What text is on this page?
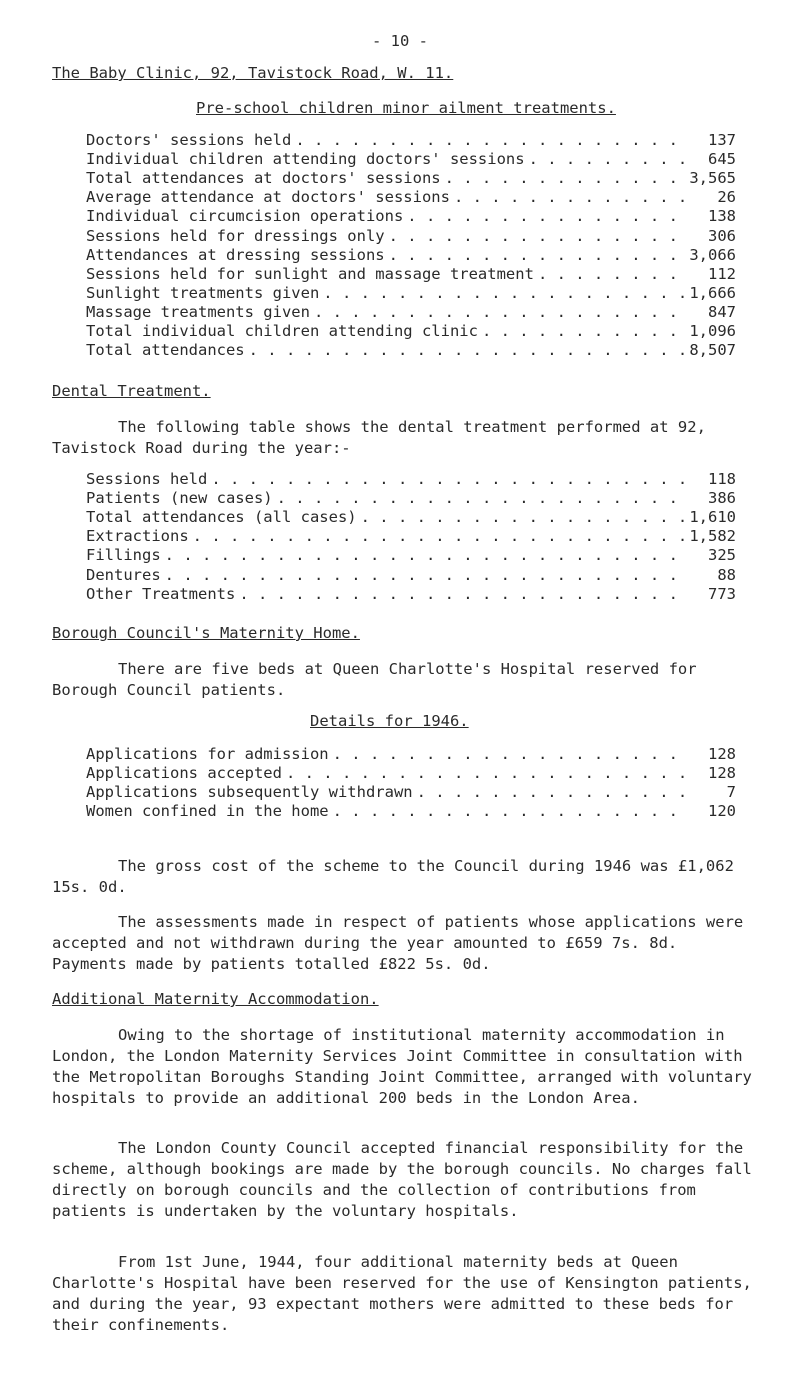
- 10 -
The Baby Clinic, 92, Tavistock Road, W. 11.
Pre-school children minor ailment treatments.
Doctors' sessions held . . .	137
Individual children attending doctors' sessions . . .	645
Total attendances at doctors' sessions . . .	3,565
Average attendance at doctors' sessions . . .	26
Individual circumcision operations . . .	138
Sessions held for dressings only . . .	306
Attendances at dressing sessions . . .	3,066
Sessions held for sunlight and massage treatment . . .	112
Sunlight treatments given . . .	1,666
Massage treatments given . . .	847
Total individual children attending clinic . . .	1,096
Total attendances . . .	8,507
Dental Treatment.
The following table shows the dental treatment performed at 92, Tavistock Road during the year:-
Sessions held . . .	118
Patients (new cases) . . .	386
Total attendances (all cases) . . .	1,610
Extractions . . .	1,582
Fillings . . .	325
Dentures . . .	88
Other Treatments . . .	773
Borough Council's Maternity Home.
There are five beds at Queen Charlotte's Hospital reserved for Borough Council patients.
Details for 1946.
Applications for admission . . .	128
Applications accepted . . .	128
Applications subsequently withdrawn . . .	7
Women confined in the home . . .	120
The gross cost of the scheme to the Council during 1946 was £1,062 15s. 0d.
The assessments made in respect of patients whose applications were accepted and not withdrawn during the year amounted to £659 7s. 8d. Payments made by patients totalled £822 5s. 0d.
Additional Maternity Accommodation.
Owing to the shortage of institutional maternity accommodation in London, the London Maternity Services Joint Committee in consultation with the Metropolitan Boroughs Standing Joint Committee, arranged with voluntary hospitals to provide an additional 200 beds in the London Area.
The London County Council accepted financial responsibility for the scheme, although bookings are made by the borough councils. No charges fall directly on borough councils and the collection of contributions from patients is undertaken by the voluntary hospitals.
From 1st June, 1944, four additional maternity beds at Queen Charlotte's Hospital have been reserved for the use of Kensington patients, and during the year, 93 expectant mothers were admitted to these beds for their confinements.
